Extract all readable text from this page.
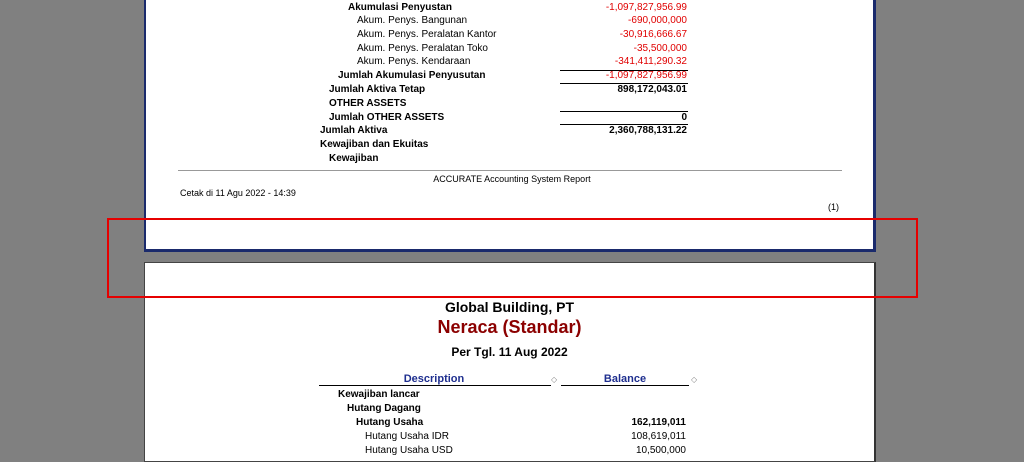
Akumulasi Penyustan	-1,097,827,956.99
Akum. Penys. Bangunan	-690,000,000
Akum. Penys. Peralatan Kantor	-30,916,666.67
Akum. Penys. Peralatan Toko	-35,500,000
Akum. Penys. Kendaraan	-341,411,290.32
Jumlah Akumulasi Penyusutan	-1,097,827,956.99
Jumlah Aktiva Tetap	898,172,043.01
OTHER ASSETS
Jumlah OTHER ASSETS	0
Jumlah Aktiva	2,360,788,131.22
Kewajiban dan Ekuitas
Kewajiban
ACCURATE Accounting System Report
Cetak di 11 Agu 2022 - 14:39
(1)
Global Building, PT
Neraca (Standar)
Per Tgl. 11 Aug 2022
Description	◇	Balance	◇
Kewajiban lancar
Hutang Dagang
Hutang Usaha	162,119,011
Hutang Usaha IDR	108,619,011
Hutang Usaha USD	10,500,000
